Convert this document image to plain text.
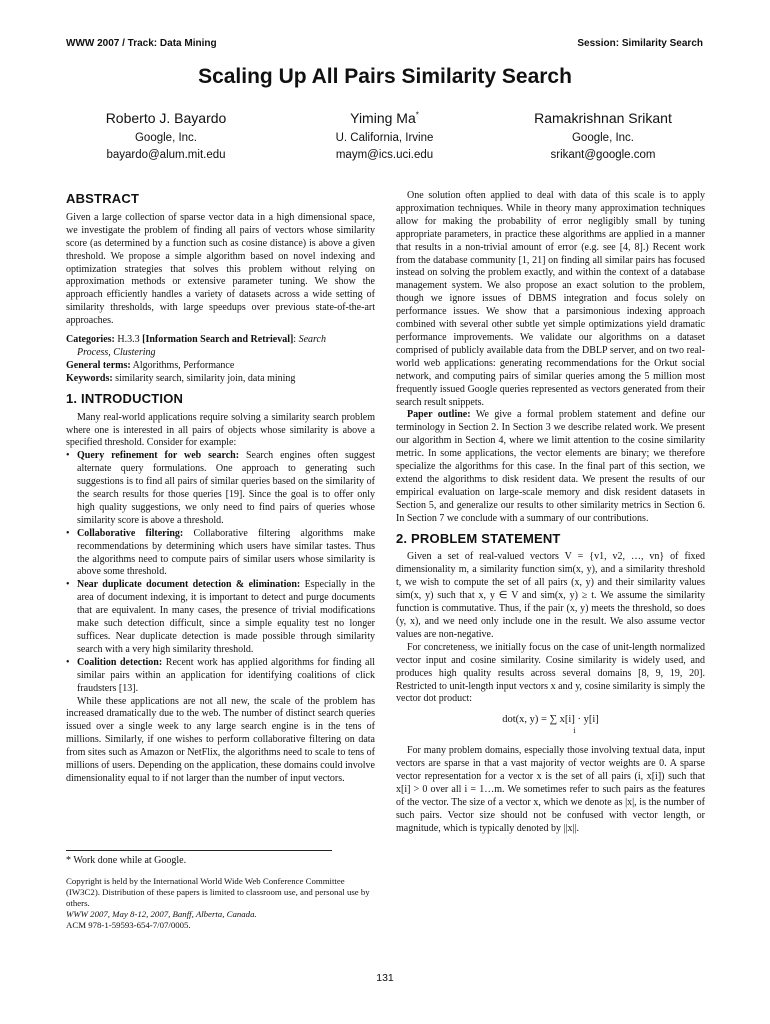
WWW 2007 / Track: Data Mining	Session: Similarity Search
Scaling Up All Pairs Similarity Search
Roberto J. Bayardo
Google, Inc.
bayardo@alum.mit.edu
Yiming Ma*
U. California, Irvine
maym@ics.uci.edu
Ramakrishnan Srikant
Google, Inc.
srikant@google.com
ABSTRACT

Given a large collection of sparse vector data in a high dimensional space, we investigate the problem of finding all pairs of vectors whose similarity score (as determined by a function such as cosine distance) is above a given threshold. We propose a simple algorithm based on novel indexing and optimization strategies that solves this problem without relying on approximation methods or extensive parameter tuning. We show the approach efficiently handles a variety of datasets across a wide setting of similarity thresholds, with large speedups over previous state-of-the-art approaches.

Categories: H.3.3 [Information Search and Retrieval]: Search

Process, Clustering

General terms: Algorithms, Performance

Keywords: similarity search, similarity join, data mining

1. INTRODUCTION

Many real-world applications require solving a similarity search problem where one is interested in all pairs of objects whose similarity is above a specified threshold. Consider for example:

• Query refinement for web search: Search engines often suggest alternate query formulations. One approach to generating such suggestions is to find all pairs of similar queries based on the similarity of the search results for those queries [19]. Since the goal is to offer only high quality suggestions, we only need to find pairs of queries whose similarity score is above a threshold.
• Collaborative filtering: Collaborative filtering algorithms make recommendations by determining which users have similar tastes. Thus the algorithms need to compute pairs of similar users whose similarity is above some threshold.
• Near duplicate document detection & elimination: Especially in the area of document indexing, it is important to detect and purge documents that are equivalent. In many cases, the presence of trivial modifications make such detection difficult, since a simple equality test no longer suffices. Near duplicate detection is made possible through similarity search with a very high similarity threshold.
• Coalition detection: Recent work has applied algorithms for finding all similar pairs within an application for identifying coalitions of click fraudsters [13].

While these applications are not all new, the scale of the problem has increased dramatically due to the web. The number of distinct search queries issued over a single week to any large search engine is in the tens of millions. Similarly, if one wishes to perform collaborative filtering on data from sites such as Amazon or NetFlix, the algorithms need to scale to tens of millions of users. Depending on the application, these domains could involve dimensionality equal to if not larger than the number of input vectors.

One solution often applied to deal with data of this scale is to apply approximation techniques. While in theory many approximation techniques allow for making the probability of error negligibly small by tuning appropriate parameters, in practice these algorithms are applied in a manner that results in a non-trivial amount of error (e.g. see [4, 8].) Recent work from the database community [1, 21] on finding all similar pairs has focused instead on solving the problem exactly, and within the context of a database management system. We also propose an exact solution to the problem, though we ignore issues of DBMS integration and focus solely on performance issues. We show that a parsimonious indexing approach combined with several other subtle yet simple optimizations yield dramatic performance improvements. We validate our algorithms on a dataset comprised of publicly available data from the DBLP server, and on two real-world web applications: generating recommendations for the Orkut social network, and computing pairs of similar queries among the 5 million most frequently issued Google queries represented as vectors generated from their search result snippets.

Paper outline: We give a formal problem statement and define our terminology in Section 2. In Section 3 we describe related work. We present our algorithm in Section 4, where we limit attention to the cosine similarity metric. In some applications, the vector elements are binary; we therefore specialize the algorithms for this case. In the final part of this section, we extend the algorithms to disk resident data. We present the results of our empirical evaluation on large-scale memory and disk resident datasets in Section 5, and generalize our results to other similarity metrics in Section 6. In Section 7 we conclude with a summary of our contributions.

2. PROBLEM STATEMENT

Given a set of real-valued vectors V = {v1, v2, …, vn} of fixed dimensionality m, a similarity function sim(x, y), and a similarity threshold t, we wish to compute the set of all pairs (x, y) and their similarity values sim(x, y) such that x, y ∈ V and sim(x, y) ≥ t. We assume the similarity function is commutative. Thus, if the pair (x, y) meets the threshold, so does (y, x), and we need only include one in the result. We also assume vector values are non-negative.

For concreteness, we initially focus on the case of unit-length normalized vector input and cosine similarity. Cosine similarity is widely used, and produces high quality results across several domains [8, 9, 19, 20]. Restricted to unit-length input vectors x and y, cosine similarity is simply the vector dot product:

dot(x, y) = ∑ x[i] · y[i]
i

For many problem domains, especially those involving textual data, input vectors are sparse in that a vast majority of vector weights are 0. A sparse vector representation for a vector x is the set of all pairs (i, x[i]) such that x[i] > 0 over all i = 1…m. We sometimes refer to such pairs as the features of the vector. The size of a vector x, which we denote as |x|, is the number of such pairs. Vector size should not be confused with vector length, or magnitude, which is typically denoted by ||x||.

* Work done while at Google.

Copyright is held by the International World Wide Web Conference Committee (IW3C2). Distribution of these papers is limited to classroom use, and personal use by others.

WWW 2007, May 8-12, 2007, Banff, Alberta, Canada.

ACM 978-1-59593-654-7/07/0005.

131
